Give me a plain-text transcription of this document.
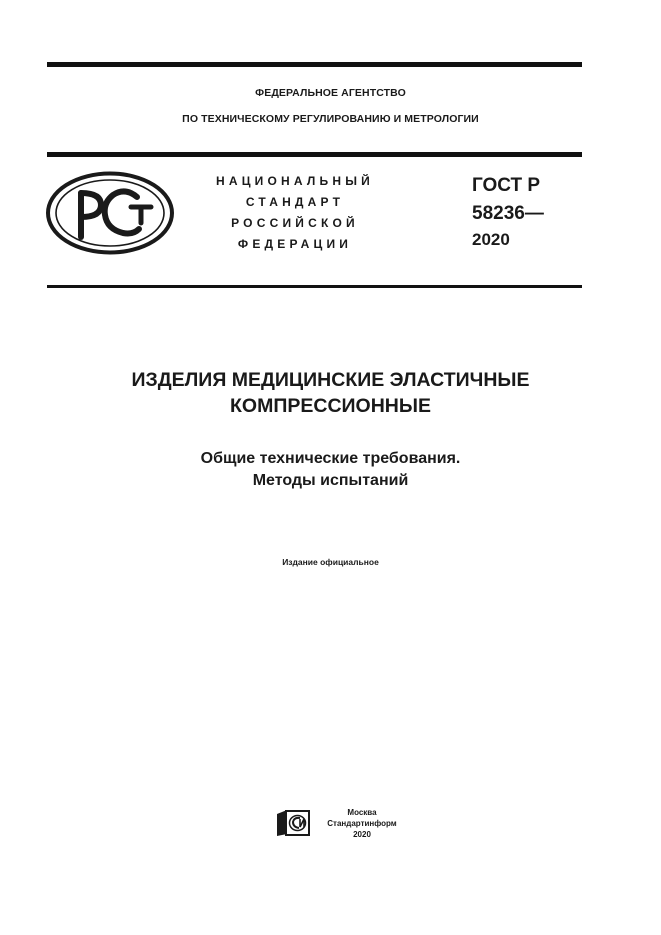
ФЕДЕРАЛЬНОЕ АГЕНТСТВО
ПО ТЕХНИЧЕСКОМУ РЕГУЛИРОВАНИЮ И МЕТРОЛОГИИ
НАЦИОНАЛЬНЫЙ
СТАНДАРТ
РОССИЙСКОЙ
ФЕДЕРАЦИИ
ГОСТ Р
58236—
2020
ИЗДЕЛИЯ МЕДИЦИНСКИЕ ЭЛАСТИЧНЫЕ
КОМПРЕССИОННЫЕ
Общие технические требования.
Методы испытаний
Издание официальное
Москва
Стандартинформ
2020
